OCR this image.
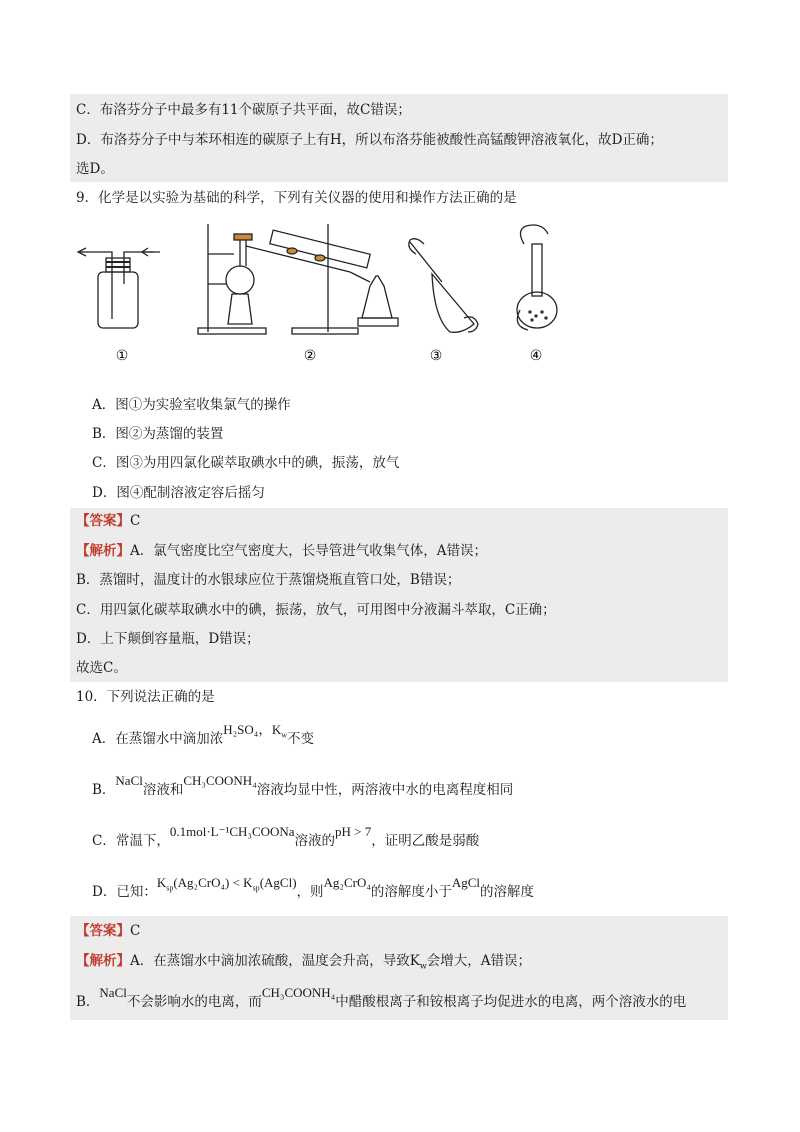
C．布洛芬分子中最多有11个碳原子共平面，故C错误；
D．布洛芬分子中与苯环相连的碳原子上有H，所以布洛芬能被酸性高锰酸钾溶液氧化，故D正确；
选D。
9．化学是以实验为基础的科学，下列有关仪器的使用和操作方法正确的是
①	②	③	④
A．图①为实验室收集氯气的操作
B．图②为蒸馏的装置
C．图③为用四氯化碳萃取碘水中的碘，振荡，放气
D．图④配制溶液定容后摇匀
【答案】C
【解析】A．氯气密度比空气密度大，长导管进气收集气体，A错误；
B．蒸馏时，温度计的水银球应位于蒸馏烧瓶直管口处，B错误；
C．用四氯化碳萃取碘水中的碘，振荡，放气，可用图中分液漏斗萃取，C正确；
D．上下颠倒容量瓶，D错误；
故选C。
10．下列说法正确的是
A．在蒸馏水中滴加浓H₂SO₄，$K_w$不变
B．NaCl溶液和CH₃COONH₄溶液均显中性，两溶液中水的电离程度相同
C．常温下，0.1mol·L⁻¹CH₃COONa溶液的pH > 7，证明乙酸是弱酸
D．已知：$K_{sp}(Ag_2CrO_4)$ < $K_{sp}(AgCl)$，则Ag₂CrO₄的溶解度小于AgCl的溶解度
【答案】C
【解析】A．在蒸馏水中滴加浓硫酸，温度会升高，导致$K_w$会增大，A错误；
B．NaCl不会影响水的电离，而CH₃COONH₄中醋酸根离子和铵根离子均促进水的电离，两个溶液水的电
